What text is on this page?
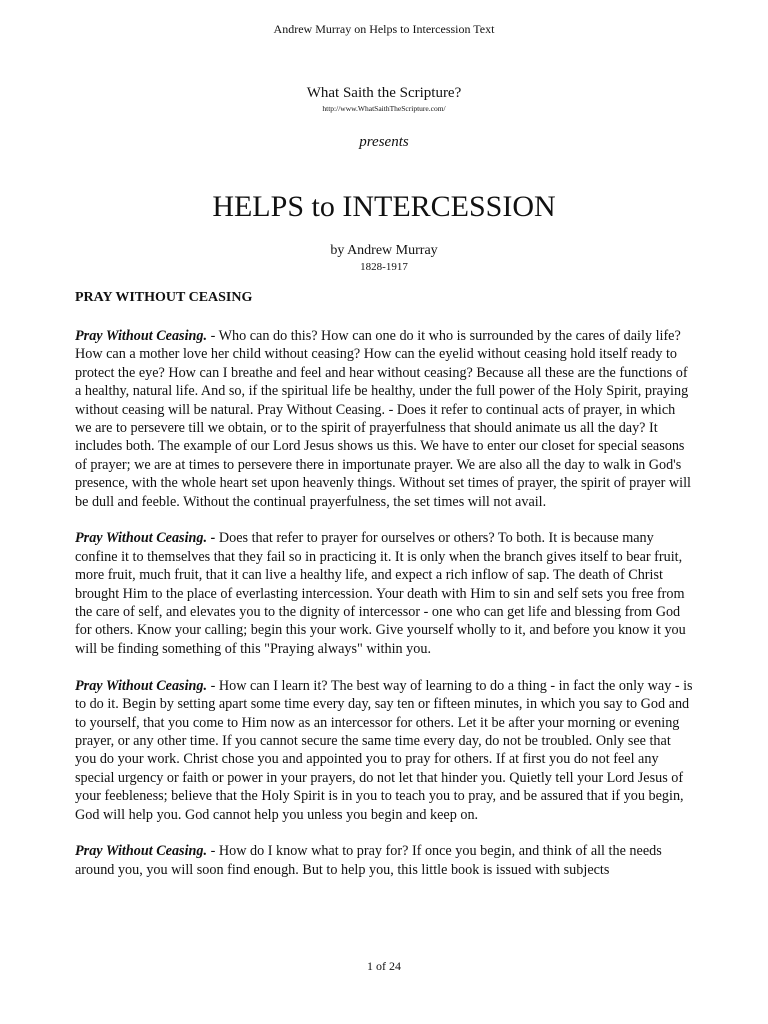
Andrew Murray on Helps to Intercession Text
What Saith the Scripture?
http://www.WhatSaithTheScripture.com/
presents
HELPS to INTERCESSION
by Andrew Murray
1828-1917
PRAY WITHOUT CEASING

Pray Without Ceasing. - Who can do this? How can one do it who is surrounded by the cares of daily life? How can a mother love her child without ceasing? How can the eyelid without ceasing hold itself ready to protect the eye? How can I breathe and feel and hear without ceasing? Because all these are the functions of a healthy, natural life. And so, if the spiritual life be healthy, under the full power of the Holy Spirit, praying without ceasing will be natural. Pray Without Ceasing. - Does it refer to continual acts of prayer, in which we are to persevere till we obtain, or to the spirit of prayerfulness that should animate us all the day? It includes both. The example of our Lord Jesus shows us this. We have to enter our closet for special seasons of prayer; we are at times to persevere there in importunate prayer. We are also all the day to walk in God's presence, with the whole heart set upon heavenly things. Without set times of prayer, the spirit of prayer will be dull and feeble. Without the continual prayerfulness, the set times will not avail.

Pray Without Ceasing. - Does that refer to prayer for ourselves or others? To both. It is because many confine it to themselves that they fail so in practicing it. It is only when the branch gives itself to bear fruit, more fruit, much fruit, that it can live a healthy life, and expect a rich inflow of sap. The death of Christ brought Him to the place of everlasting intercession. Your death with Him to sin and self sets you free from the care of self, and elevates you to the dignity of intercessor - one who can get life and blessing from God for others. Know your calling; begin this your work. Give yourself wholly to it, and before you know it you will be finding something of this "Praying always" within you.

Pray Without Ceasing. - How can I learn it? The best way of learning to do a thing - in fact the only way - is to do it. Begin by setting apart some time every day, say ten or fifteen minutes, in which you say to God and to yourself, that you come to Him now as an intercessor for others. Let it be after your morning or evening prayer, or any other time. If you cannot secure the same time every day, do not be troubled. Only see that you do your work. Christ chose you and appointed you to pray for others. If at first you do not feel any special urgency or faith or power in your prayers, do not let that hinder you. Quietly tell your Lord Jesus of your feebleness; believe that the Holy Spirit is in you to teach you to pray, and be assured that if you begin, God will help you. God cannot help you unless you begin and keep on.

Pray Without Ceasing. - How do I know what to pray for? If once you begin, and think of all the needs around you, you will soon find enough. But to help you, this little book is issued with subjects

1 of 24
